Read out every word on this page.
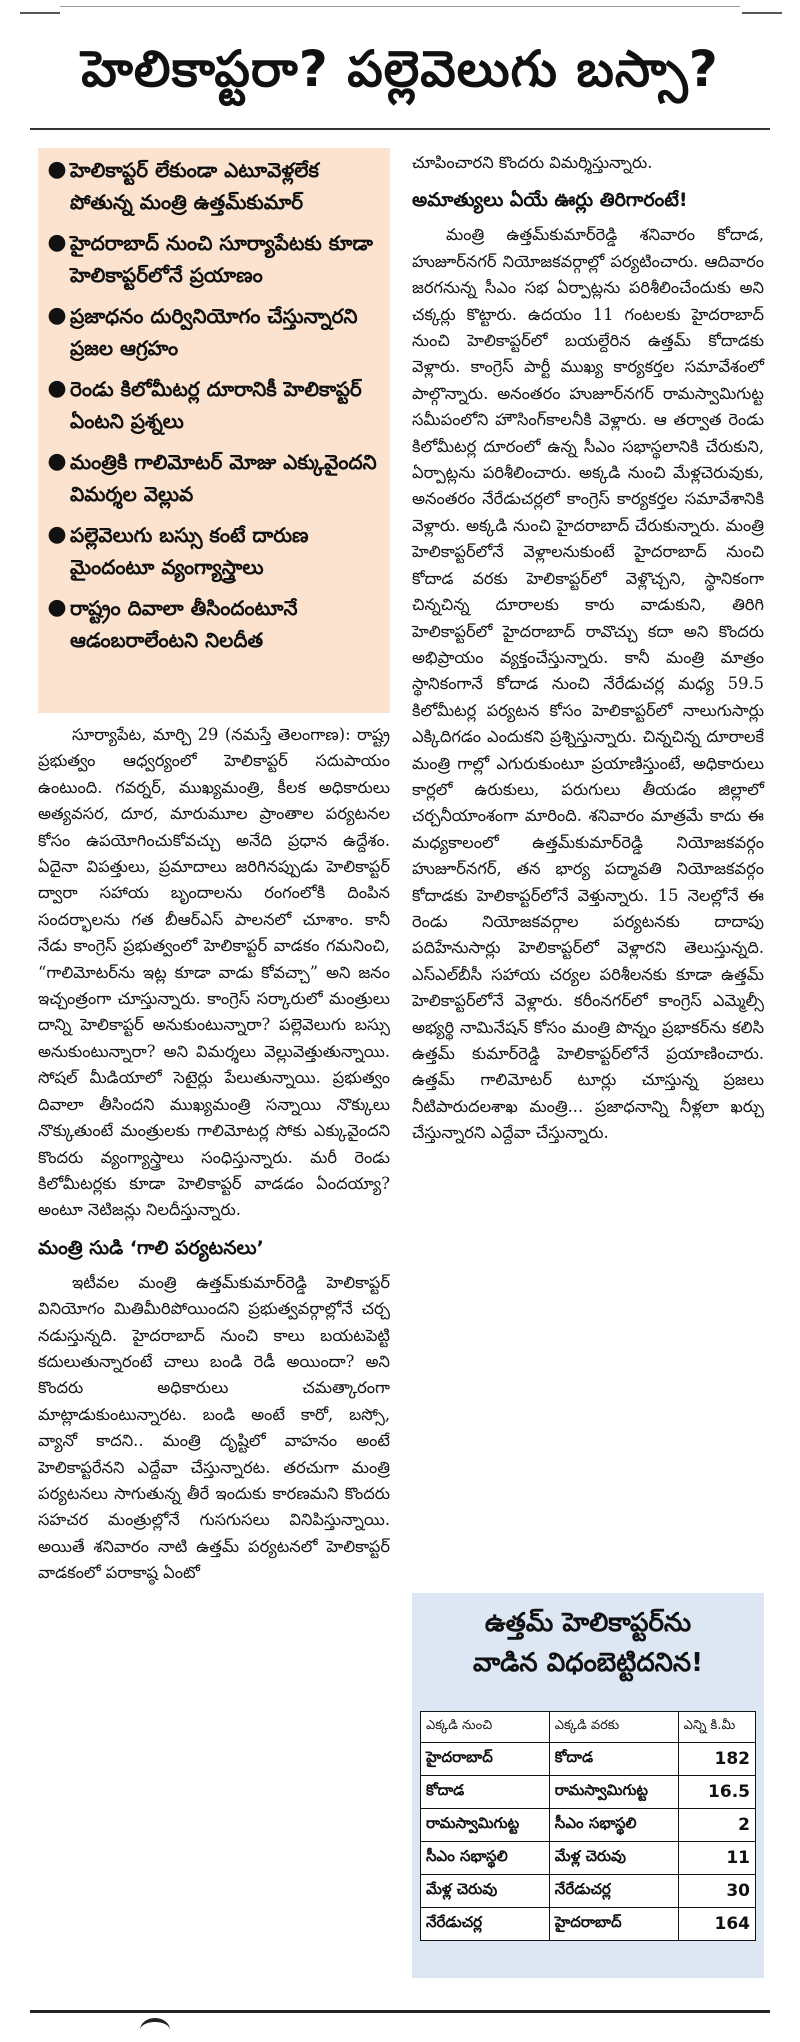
హెలికాప్టరా? పల్లెవెలుగు బస్సా?
● హెలికాప్టర్ లేకుండా ఎటూవెళ్లలేక పోతున్న మంత్రి ఉత్తమ్‌కుమార్
● హైదరాబాద్ నుంచి సూర్యాపేటకు కూడా హెలికాప్టర్‌లోనే ప్రయాణం
● ప్రజాధనం దుర్వినియోగం చేస్తున్నారని ప్రజల ఆగ్రహం
● రెండు కిలోమీటర్ల దూరానికీ హెలికాప్టర్ ఏంటని ప్రశ్నలు
● మంత్రికి గాలిమోటర్ మోజు ఎక్కువైందని విమర్శల వెల్లువ
● పల్లెవెలుగు బస్సు కంటే దారుణ మైందంటూ వ్యంగ్యాస్త్రాలు
● రాష్ట్రం దివాలా తీసిందంటూనే ఆడంబరాలేంటని నిలదీత

సూర్యాపేట, మార్చి 29 (నమస్తే తెలంగాణ): రాష్ట్ర ప్రభుత్వం ఆధ్వర్యంలో హెలికాప్టర్ సదుపాయం ఉంటుంది. గవర్నర్, ముఖ్యమంత్రి, కీలక అధికారులు అత్యవసర, దూర, మారుమూల ప్రాంతాల పర్యటనల కోసం ఉపయోగించుకోవచ్చు అనేది ప్రధాన ఉద్దేశం. ఏదైనా విపత్తులు, ప్రమాదాలు జరిగినప్పుడు హెలికాప్టర్ ద్వారా సహాయ బృందాలను రంగంలోకి దింపిన సందర్భాలను గత బీఆర్‌ఎస్ పాలనలో చూశాం. కానీ నేడు కాంగ్రెస్ ప్రభుత్వంలో హెలికాప్టర్ వాడకం గమనించి, “గాలిమోటర్‌ను ఇట్ల కూడా వాడు కోవచ్చా” అని జనం ఇచ్చంత్రంగా చూస్తున్నారు. కాంగ్రెస్ సర్కారులో మంత్రులు దాన్ని హెలికాప్టర్ అనుకుంటున్నారా? పల్లెవెలుగు బస్సు అనుకుంటున్నారా? అని విమర్శలు వెల్లువెత్తుతున్నాయి. సోషల్ మీడియాలో సెటైర్లు పేలుతున్నాయి. ప్రభుత్వం దివాలా తీసిందని ముఖ్యమంత్రి సన్నాయి నొక్కులు నొక్కుతుంటే మంత్రులకు గాలిమోటర్ల సోకు ఎక్కువైందని కొందరు వ్యంగ్యాస్త్రాలు సంధిస్తున్నారు. మరీ రెండు కిలోమీటర్లకు కూడా హెలికాప్టర్ వాడడం ఏందయ్యా? అంటూ నెటిజన్లు నిలదీస్తున్నారు.

మంత్రి సుడి ‘గాలి పర్యటనలు’

ఇటీవల మంత్రి ఉత్తమ్‌కుమార్‌రెడ్డి హెలికాప్టర్ వినియోగం మితిమీరిపోయిందని ప్రభుత్వవర్గాల్లోనే చర్చ నడుస్తున్నది. హైదరాబాద్ నుంచి కాలు బయటపెట్టి కదులుతున్నారంటే చాలు బండి రెడీ అయిందా? అని కొందరు అధికారులు చమత్కారంగా మాట్లాడుకుంటున్నారట. బండి అంటే కారో, బస్సో, వ్యానో కాదని.. మంత్రి దృష్టిలో వాహనం అంటే హెలికాప్టరేనని ఎద్దేవా చేస్తున్నారట. తరచుగా మంత్రి పర్యటనలు సాగుతున్న తీరే ఇందుకు కారణమని కొందరు సహచర మంత్రుల్లోనే గుసగుసలు వినిపిస్తున్నాయి. అయితే శనివారం నాటి ఉత్తమ్ పర్యటనలో హెలికాప్టర్ వాడకంలో పరాకాష్ఠ ఏంటో

చూపించారని కొందరు విమర్శిస్తున్నారు.

అమాత్యులు ఏయే ఊర్లు తిరిగారంటే!

మంత్రి ఉత్తమ్‌కుమార్‌రెడ్డి శనివారం కోదాడ, హుజూర్‌నగర్ నియోజకవర్గాల్లో పర్యటించారు. ఆదివారం జరగనున్న సీఎం సభ ఏర్పాట్లను పరిశీలించేందుకు అని చక్కర్లు కొట్టారు. ఉదయం 11 గంటలకు హైదరాబాద్ నుంచి హెలికాప్టర్‌లో బయల్దేరిన ఉత్తమ్ కోదాడకు వెళ్లారు. కాంగ్రెస్ పార్టీ ముఖ్య కార్యకర్తల సమావేశంలో పాల్గొన్నారు. అనంతరం హుజూర్‌నగర్ రామస్వామిగుట్ట సమీపంలోని హౌసింగ్‌కాలనీకి వెళ్లారు. ఆ తర్వాత రెండు కిలోమీటర్ల దూరంలో ఉన్న సీఎం సభాస్థలానికి చేరుకుని, ఏర్పాట్లను పరిశీలించారు. అక్కడి నుంచి మేళ్లచెరువుకు, అనంతరం నేరేడుచర్లలో కాంగ్రెస్ కార్యకర్తల సమావేశానికి వెళ్లారు. అక్కడి నుంచి హైదరాబాద్ చేరుకున్నారు. మంత్రి హెలికాప్టర్‌లోనే వెళ్లాలనుకుంటే హైదరాబాద్ నుంచి కోదాడ వరకు హెలికాప్టర్‌లో వెళ్లొచ్చని, స్థానికంగా చిన్నచిన్న దూరాలకు కారు వాడుకుని, తిరిగి హెలికాప్టర్‌లో హైదరాబాద్ రావొచ్చు కదా అని కొందరు అభిప్రాయం వ్యక్తంచేస్తున్నారు. కానీ మంత్రి మాత్రం స్థానికంగానే కోదాడ నుంచి నేరేడుచర్ల మధ్య 59.5 కిలోమీటర్ల పర్యటన కోసం హెలికాప్టర్‌లో నాలుగుసార్లు ఎక్కిదిగడం ఎందుకని ప్రశ్నిస్తున్నారు. చిన్నచిన్న దూరాలకే మంత్రి గాల్లో ఎగురుకుంటూ ప్రయాణిస్తుంటే, అధికారులు కార్లలో ఉరుకులు, పరుగులు తీయడం జిల్లాలో చర్చనీయాంశంగా మారింది. శనివారం మాత్రమే కాదు ఈ మధ్యకాలంలో ఉత్తమ్‌కుమార్‌రెడ్డి నియోజకవర్గం హుజూర్‌నగర్, తన భార్య పద్మావతి నియోజకవర్గం కోదాడకు హెలికాప్టర్‌లోనే వెళ్తున్నారు. 15 నెలల్లోనే ఈ రెండు నియోజకవర్గాల పర్యటనకు దాదాపు పదిహేనుసార్లు హెలికాప్టర్‌లో వెళ్లారని తెలుస్తున్నది. ఎస్‌ఎల్‌బీసీ సహాయ చర్యల పరిశీలనకు కూడా ఉత్తమ్ హెలికాప్టర్‌లోనే వెళ్లారు. కరీంనగర్‌లో కాంగ్రెస్ ఎమ్మెల్సీ అభ్యర్థి నామినేషన్ కోసం మంత్రి పొన్నం ప్రభాకర్‌ను కలిసి ఉత్తమ్ కుమార్‌రెడ్డి హెలికాప్టర్‌లోనే ప్రయాణించారు. ఉత్తమ్ గాలిమోటర్ టూర్లు చూస్తున్న ప్రజలు నీటిపారుదలశాఖ మంత్రి... ప్రజాధనాన్ని నీళ్లలా ఖర్చు చేస్తున్నారని ఎద్దేవా చేస్తున్నారు.

ఉత్తమ్ హెలికాప్టర్‌ను
వాడిన విధంబెట్టిదనిన!
ఎక్కడి నుంచి	ఎక్కడి వరకు	ఎన్ని కి.మీ
హైదరాబాద్	కోదాడ	182
కోదాడ	రామస్వామిగుట్ట	16.5
రామస్వామిగుట్ట	సీఎం సభాస్థలి	2
సీఎం సభాస్థలి	మేళ్ల చెరువు	11
మేళ్ల చెరువు	నేరేడుచర్ల	30
నేరేడుచర్ల	హైదరాబాద్	164
